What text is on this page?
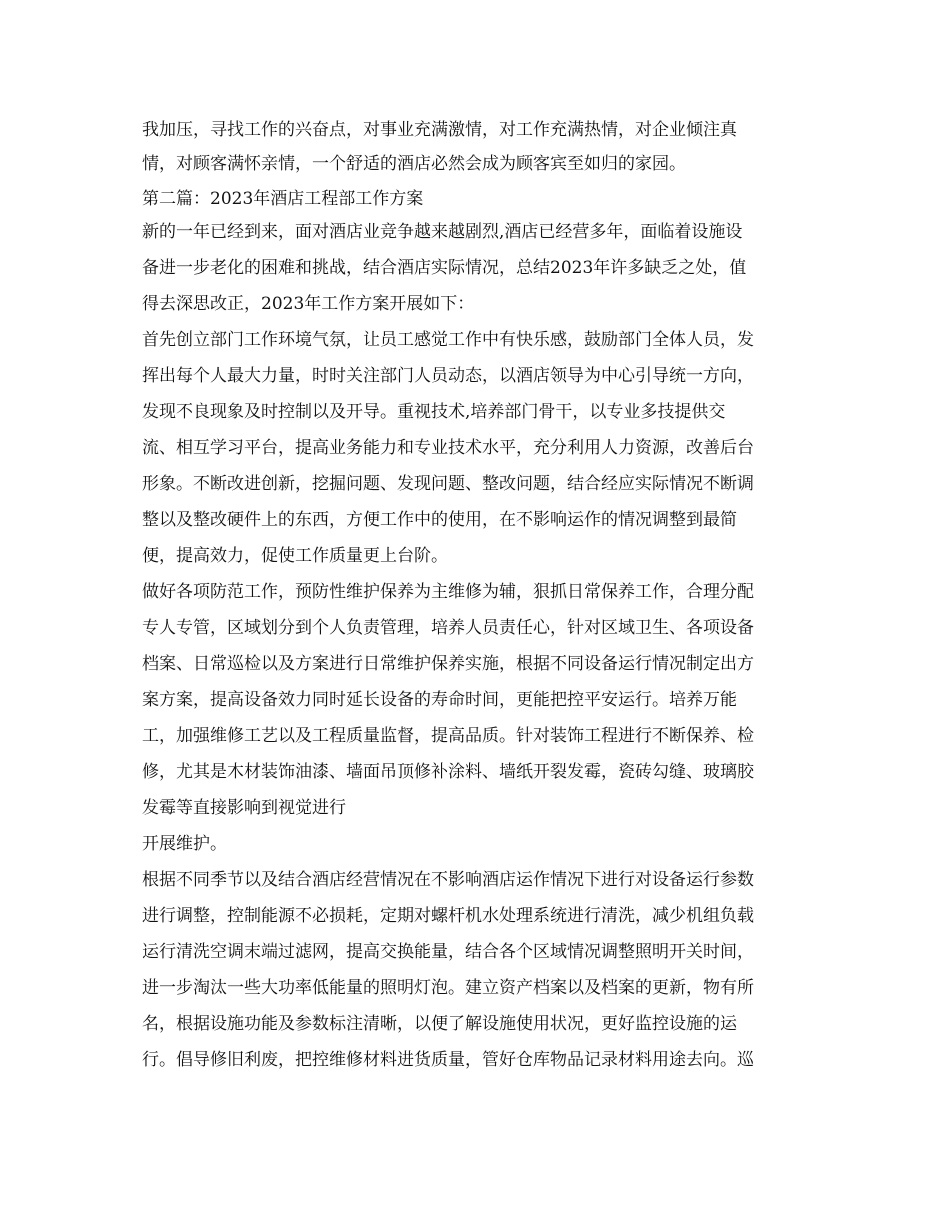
我加压，寻找工作的兴奋点，对事业充满激情，对工作充满热情，对企业倾注真
情，对顾客满怀亲情，一个舒适的酒店必然会成为顾客宾至如归的家园。
第二篇：2023年酒店工程部工作方案
新的一年已经到来，面对酒店业竞争越来越剧烈,酒店已经营多年，面临着设施设
备进一步老化的困难和挑战，结合酒店实际情况，总结2023年许多缺乏之处，值
得去深思改正，2023年工作方案开展如下：
首先创立部门工作环境气氛，让员工感觉工作中有快乐感，鼓励部门全体人员，发
挥出每个人最大力量，时时关注部门人员动态，以酒店领导为中心引导统一方向，
发现不良现象及时控制以及开导。重视技术,培养部门骨干，以专业多技提供交
流、相互学习平台，提高业务能力和专业技术水平，充分利用人力资源，改善后台
形象。不断改进创新，挖掘问题、发现问题、整改问题，结合经应实际情况不断调
整以及整改硬件上的东西，方便工作中的使用，在不影响运作的情况调整到最简
便，提高效力，促使工作质量更上台阶。
做好各项防范工作，预防性维护保养为主维修为辅，狠抓日常保养工作，合理分配
专人专管，区域划分到个人负责管理，培养人员责任心，针对区域卫生、各项设备
档案、日常巡检以及方案进行日常维护保养实施，根据不同设备运行情况制定出方
案方案，提高设备效力同时延长设备的寿命时间，更能把控平安运行。培养万能
工，加强维修工艺以及工程质量监督，提高品质。针对装饰工程进行不断保养、检
修，尤其是木材装饰油漆、墙面吊顶修补涂料、墙纸开裂发霉，瓷砖勾缝、玻璃胶
发霉等直接影响到视觉进行
开展维护。
根据不同季节以及结合酒店经营情况在不影响酒店运作情况下进行对设备运行参数
进行调整，控制能源不必损耗，定期对螺杆机水处理系统进行清洗，减少机组负载
运行清洗空调末端过滤网，提高交换能量，结合各个区域情况调整照明开关时间，
进一步淘汰一些大功率低能量的照明灯泡。建立资产档案以及档案的更新，物有所
名，根据设施功能及参数标注清晰，以便了解设施使用状况，更好监控设施的运
行。倡导修旧利废，把控维修材料进货质量，管好仓库物品记录材料用途去向。巡
